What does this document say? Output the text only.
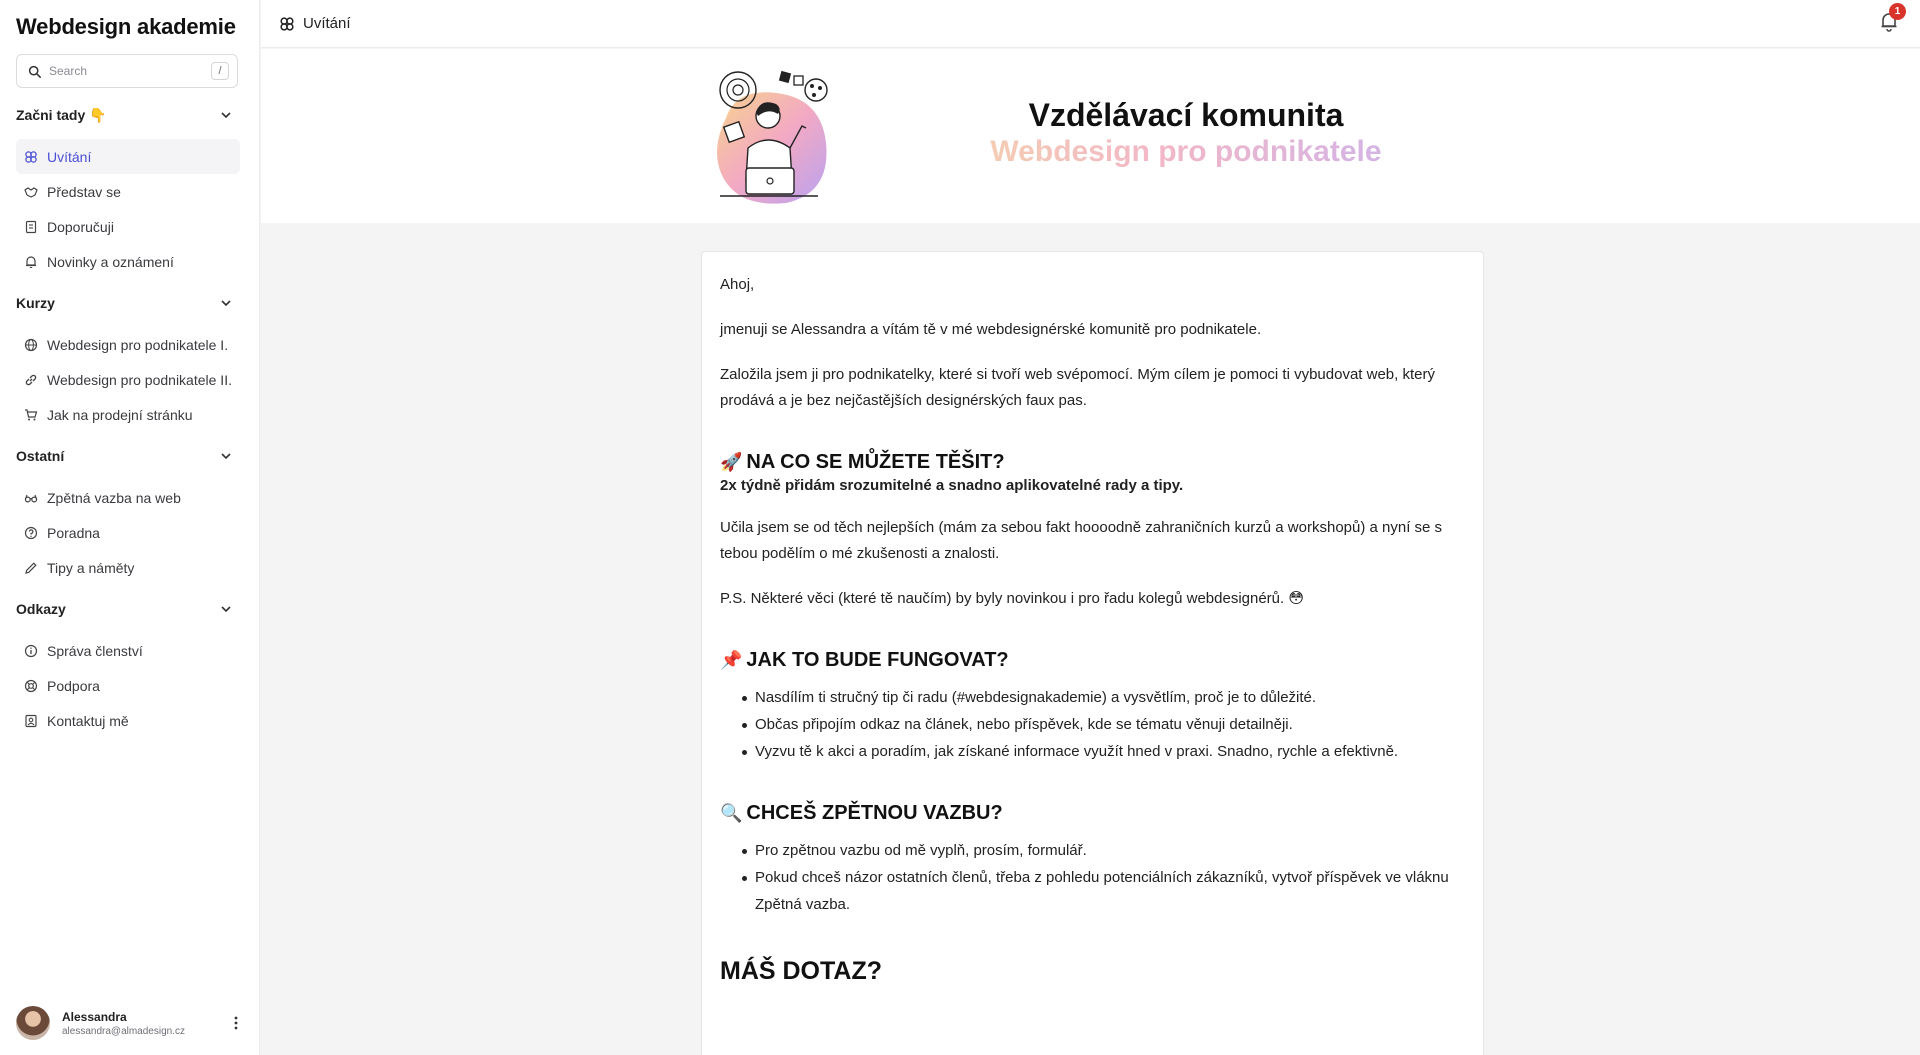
Webdesign akademie
Search	/
Začni tady 👇
Uvítání
Představ se
Doporučuji
Novinky a oznámení
Kurzy
Webdesign pro podnikatele I.
Webdesign pro podnikatele II.
Jak na prodejní stránku
Ostatní
Zpětná vazba na web
Poradna
Tipy a náměty
Odkazy
Správa členství
Podpora
Kontaktuj mě
Alessandra
alessandra@almadesign.cz
Uvítání
1
Vzdělávací komunita
Webdesign pro podnikatele

Ahoj,

jmenuji se Alessandra a vítám tě v mé webdesignérské komunitě pro podnikatele.

Založila jsem ji pro podnikatelky, které si tvoří web svépomocí. Mým cílem je pomoci ti vybudovat web, který prodává a je bez nejčastějších designérských faux pas.

🚀 NA CO SE MŮŽETE TĚŠIT?
2x týdně přidám srozumitelné a snadno aplikovatelné rady a tipy.

Učila jsem se od těch nejlepších (mám za sebou fakt hoooodně zahraničních kurzů a workshopů) a nyní se s tebou podělím o mé zkušenosti a znalosti.

P.S. Některé věci (které tě naučím) by byly novinkou i pro řadu kolegů webdesignérů. 😳

📌 JAK TO BUDE FUNGOVAT?
Nasdílím ti stručný tip či radu (#webdesignakademie) a vysvětlím, proč je to důležité.
Občas připojím odkaz na článek, nebo příspěvek, kde se tématu věnuji detailněji.
Vyzvu tě k akci a poradím, jak získané informace využít hned v praxi. Snadno, rychle a efektivně.
🔍 CHCEŠ ZPĚTNOU VAZBU?
Pro zpětnou vazbu od mě vyplň, prosím, formulář.
Pokud chceš názor ostatních členů, třeba z pohledu potenciálních zákazníků, vytvoř příspěvek ve vláknu Zpětná vazba.
MÁŠ DOTAZ?
